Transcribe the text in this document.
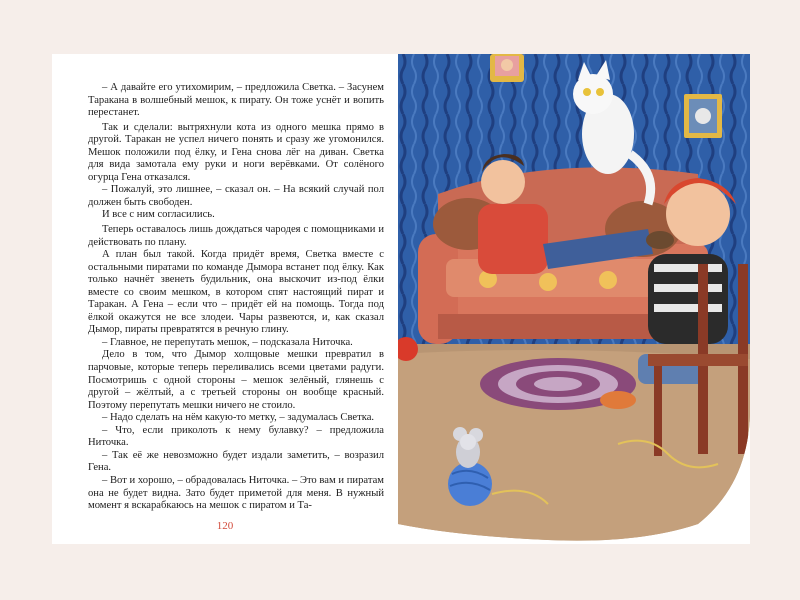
– А давайте его утихомирим, – предложила Светка. – Засунем Таракана в волшебный мешок, к пирату. Он тоже уснёт и вопить перестанет.

Так и сделали: вытряхнули кота из одного мешка прямо в другой. Таракан не успел ничего понять и сразу же угомонился. Мешок положили под ёлку, и Гена снова лёг на диван. Светка для вида замотала ему руки и ноги верёвками. От солёного огурца Гена отказался.

– Пожалуй, это лишнее, – сказал он. – На всякий случай пол должен быть свободен.

И все с ним согласились.

Теперь оставалось лишь дождаться чародея с помощниками и действовать по плану.

А план был такой. Когда придёт время, Светка вместе с остальными пиратами по команде Дымора встанет под ёлку. Как только начнёт звенеть будильник, она выскочит из-под ёлки вместе со своим мешком, в котором спят настоящий пират и Таракан. А Гена – если что – придёт ей на помощь. Тогда под ёлкой окажутся не все злодеи. Чары развеются, и, как сказал Дымор, пираты превратятся в речную глину.

– Главное, не перепутать мешок, – подсказала Ниточка.

Дело в том, что Дымор холщовые мешки превратил в парчовые, которые теперь переливались всеми цветами радуги. Посмотришь с одной стороны – мешок зелёный, глянешь с другой – жёлтый, а с третьей стороны он вообще красный. Поэтому перепутать мешки ничего не стоило.

– Надо сделать на нём какую-то метку, – задумалась Светка.

– Что, если приколоть к нему булавку? – предложила Ниточка.

– Так её же невозможно будет издали заметить, – возразил Гена.

– Вот и хорошо, – обрадовалась Ниточка. – Это вам и пиратам она не будет видна. Зато будет приметой для меня. В нужный момент я вскарабкаюсь на мешок с пиратом и Та-

120
